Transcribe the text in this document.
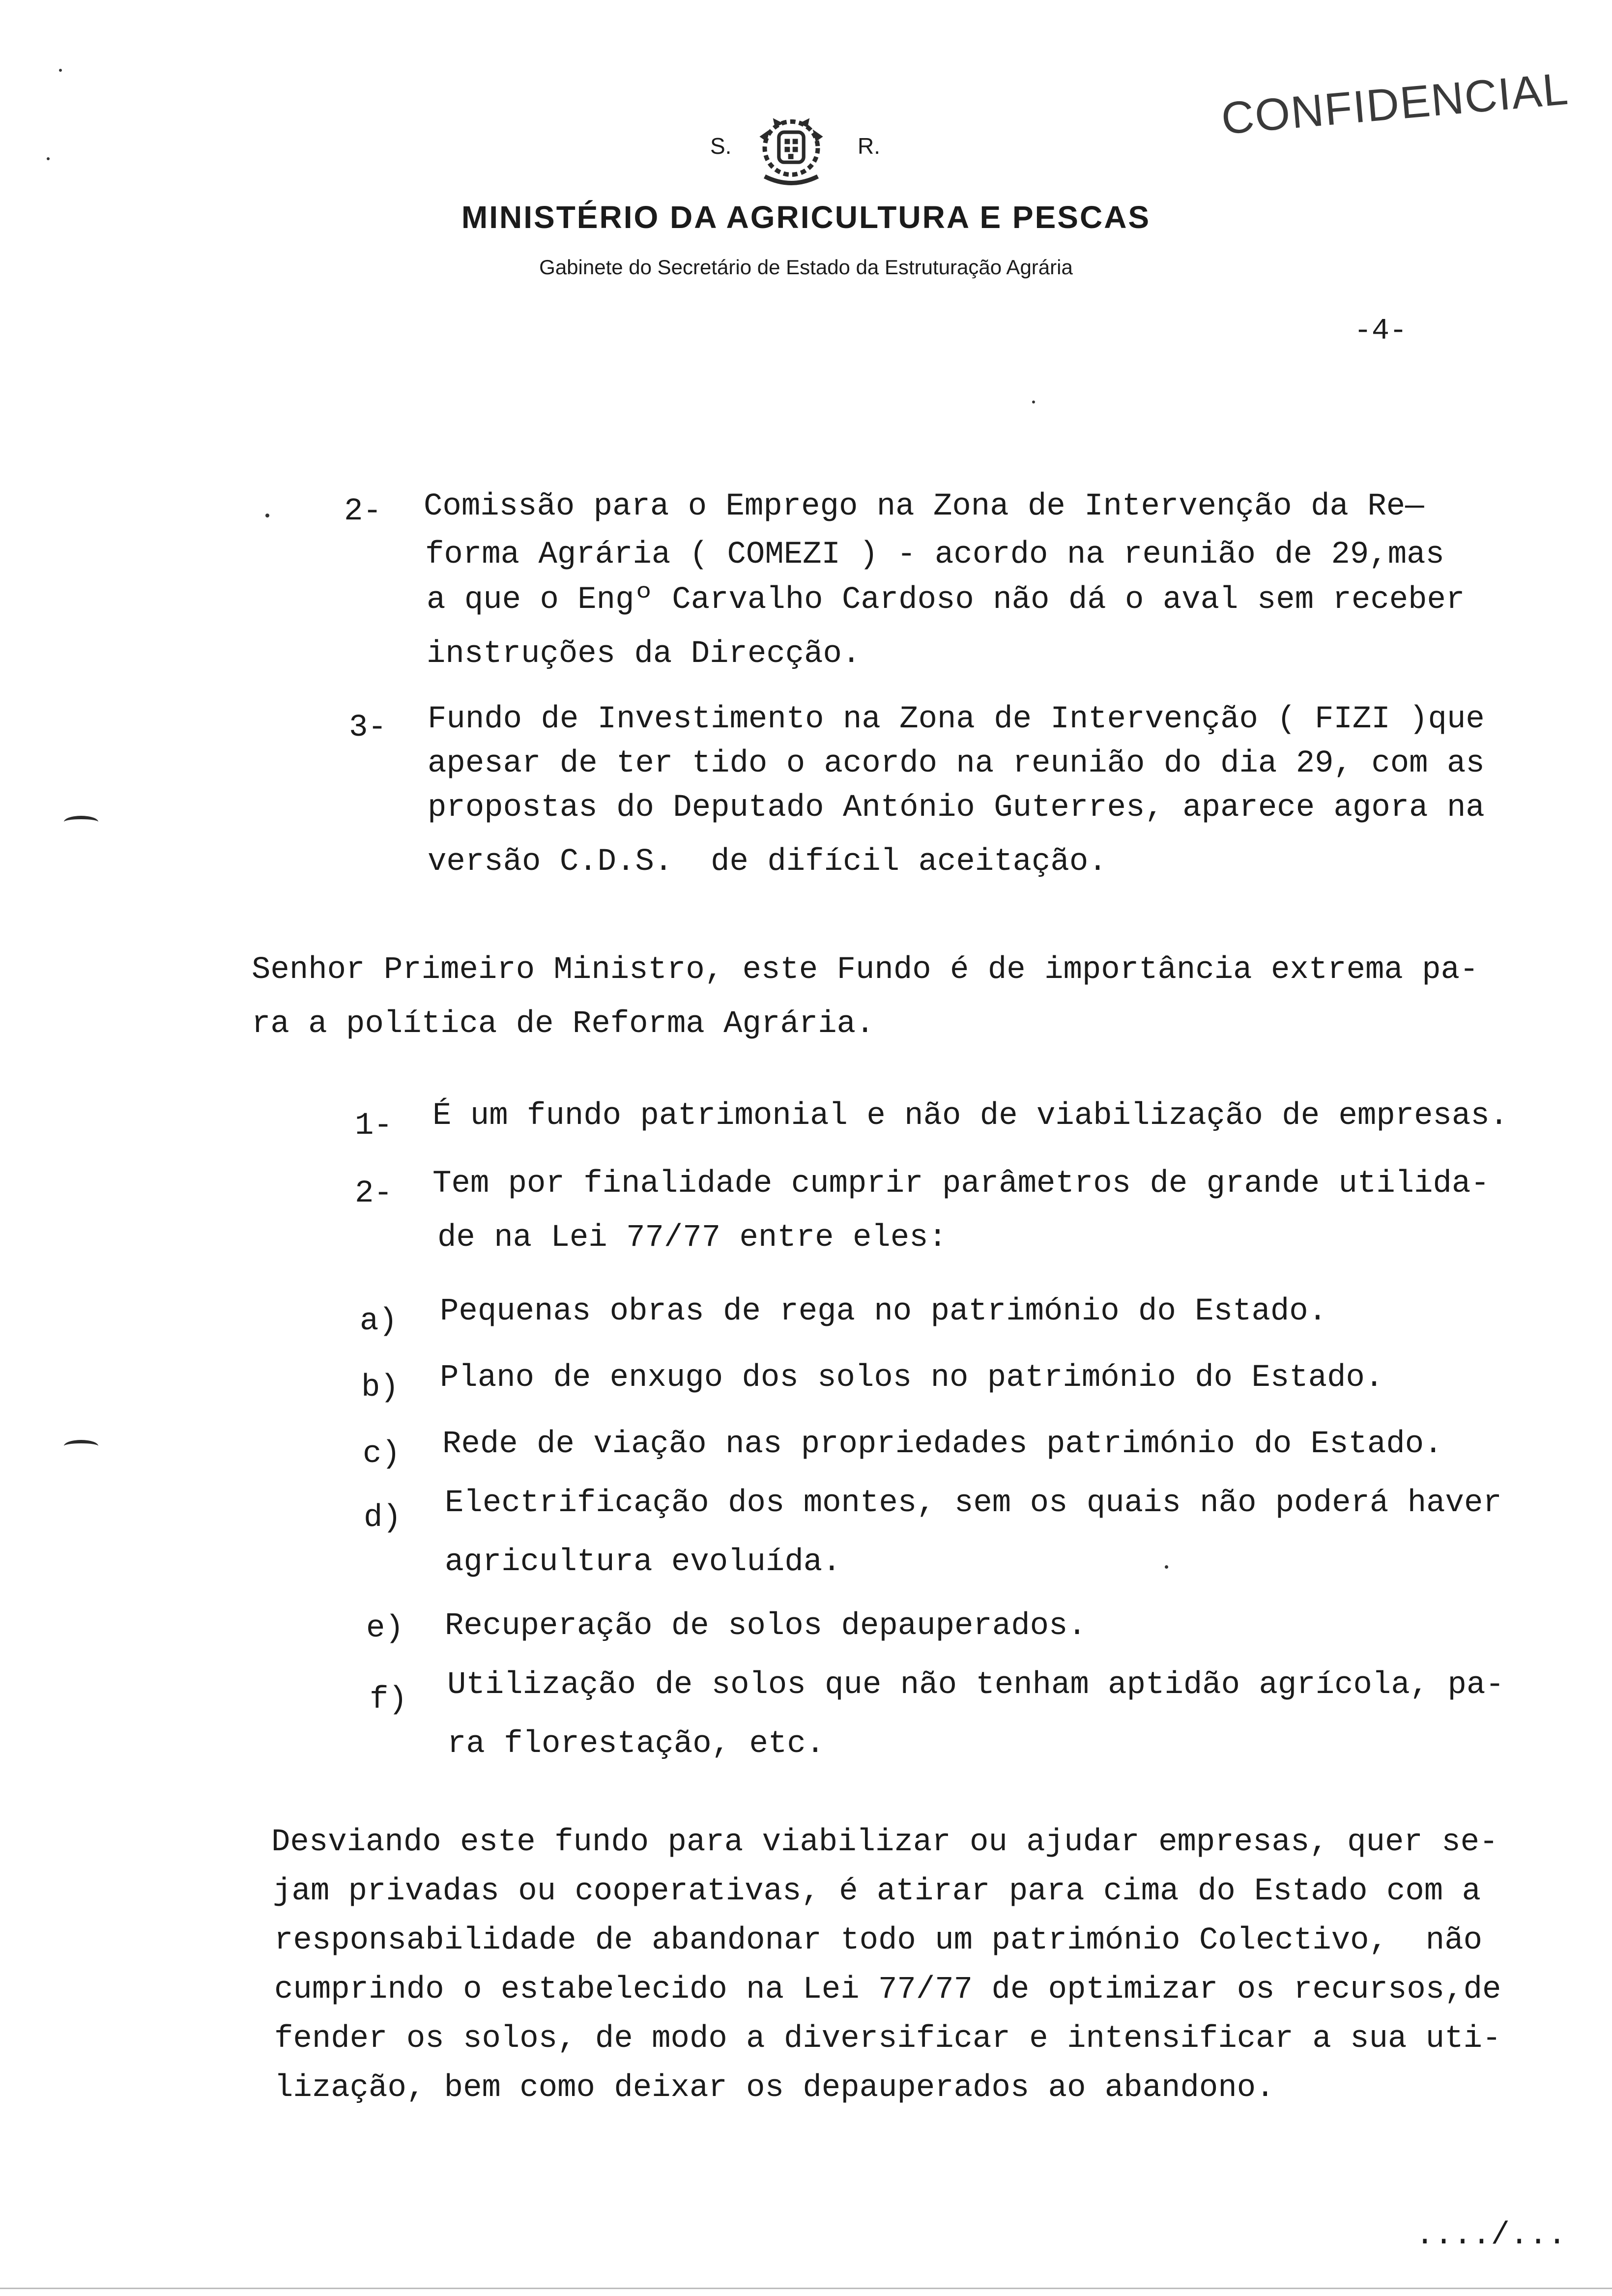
S.	R.
MINISTÉRIO DA AGRICULTURA E PESCAS
Gabinete do Secretário de Estado da Estruturação Agrária
CONFIDENCIAL
-4-
2- Comissão para o Emprego na Zona de Intervenção da Re—
forma Agrária ( COMEZI ) - acordo na reunião de 29,mas
a que o Engº Carvalho Cardoso não dá o aval sem receber
instruções da Direcção.
3- Fundo de Investimento na Zona de Intervenção ( FIZI )que
apesar de ter tido o acordo na reunião do dia 29, com as
propostas do Deputado António Guterres, aparece agora na
versão C.D.S.  de difícil aceitação.
Senhor Primeiro Ministro, este Fundo é de importância extrema pa-
ra a política de Reforma Agrária.
1- É um fundo patrimonial e não de viabilização de empresas.
2- Tem por finalidade cumprir parâmetros de grande utilida-
de na Lei 77/77 entre eles:
a) Pequenas obras de rega no património do Estado.
b) Plano de enxugo dos solos no património do Estado.
c) Rede de viação nas propriedades património do Estado.
d) Electrificação dos montes, sem os quais não poderá haver
agricultura evoluída.
e) Recuperação de solos depauperados.
f) Utilização de solos que não tenham aptidão agrícola, pa-
ra florestação, etc.
Desviando este fundo para viabilizar ou ajudar empresas, quer se-
jam privadas ou cooperativas, é atirar para cima do Estado com a
responsabilidade de abandonar todo um património Colectivo,  não
cumprindo o estabelecido na Lei 77/77 de optimizar os recursos,de
fender os solos, de modo a diversificar e intensificar a sua uti-
lização, bem como deixar os depauperados ao abandono.
..../...
